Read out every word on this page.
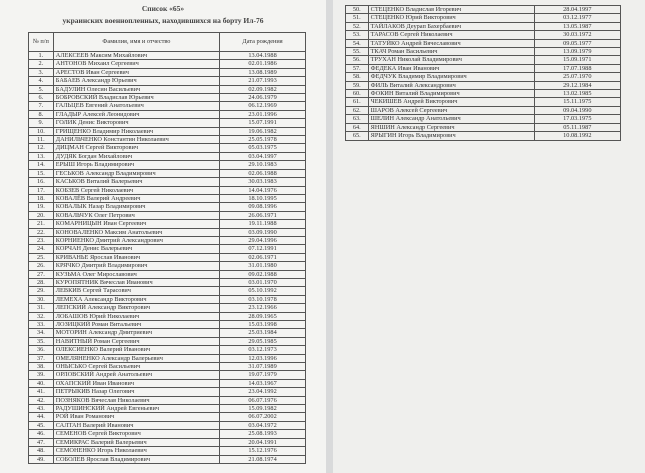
Список «65»
украинских военнопленных, находившихся на борту Ил-76
№ п/п	Фамилия, имя и отчество	Дата рождения
1.	АЛЕКСЕЕВ Максим Михайлович	13.04.1988
2.	АНТОНОВ Михаил Сергеевич	02.01.1986
3.	АРЕСТОВ Иван Сергеевич	13.08.1989
4.	БАБАЕВ Александр Юрьевич	21.07.1993
5.	БАДУЛИН Олесин Васильевич	02.09.1982
6.	БОБРОВСКИЙ Владислав Юрьевич	24.06.1979
7.	ГАЛЬЦЕВ Евгений Анатольевич	06.12.1969
8.	ГЛАДЫР Алексей Леонидович	23.01.1996
9.	ГОЛИК Денис Викторович	15.07.1991
10.	ГРИЩЕНКО Владимир Николаевич	19.06.1982
11.	ДАНИЛЬЧЕНКО Константин Николаевич	25.05.1978
12.	ДИЦМАН Сергей Викторович	05.03.1975
13.	ДУДЯК Богдан Михайлович	03.04.1997
14.	ЕРЫШ Игорь Владимирович	29.10.1983
15.	ГЕСЬКОВ Александр Владимирович	02.06.1988
16.	КАСЬКОВ Виталий Валерьевич	30.03.1983
17.	КОБЗЕВ Сергей Николаевич	14.04.1976
18.	КОВАЛЁВ Валерий Андреевич	18.10.1995
19.	КОВАЛЫК Назар Владимирович	09.08.1996
20.	КОВАЛЬЧУК Олег Петрович	26.06.1971
21.	КОМАРНИЦЫН Иван Сергеевич	19.11.1988
22.	КОНОВАЛЕНКО Максим Анатольевич	03.09.1990
23.	КОРНИЕНКО Дмитрий Александрович	29.04.1996
24.	КОРЧАН Денис Валерьевич	07.12.1991
25.	КРИВАНЬЕ Ярослав Иванович	02.06.1971
26.	КРЯЧКО Дмитрий Владимирович	31.01.1980
27.	КУЗЬМА Олег Мирославович	09.02.1988
28.	КУРОПЯТНИК Вячеслав Иванович	03.01.1970
29.	ЛЕВКИВ Сергей Тарасович	05.10.1992
30.	ЛЕМЕХА Александр Викторович	03.10.1978
31.	ЛЕПСКИЙ Александр Викторович	23.12.1966
32.	ЛОБАШОВ Юрий Николаевич	28.09.1965
33.	ЛОЗИЦКИЙ Роман Витальевич	15.03.1998
34.	МОТОРИН Александр Дмитриевич	25.03.1984
35.	НАВИТНЫЙ Роман Сергеевич	29.05.1985
36.	ОЛЕКСИЕНКО Валерий Иванович	03.12.1973
37.	ОМЕЛЯНЕНКО Александр Валерьевич	12.03.1996
38.	ОНЫСЬКО Сергей Васильевич	31.07.1989
39.	ОРЛОВСКИЙ Андрей Анатольевич	19.07.1979
40.	ОХАПСКИЙ Иван Иванович	14.03.1967
41.	ПЕТРЫКИВ Назар Олегович	23.04.1992
42.	ПОЗНЯКОВ Вячеслав Николаевич	06.07.1976
43.	РАДУШИНСКИЙ Андрей Евгеньевич	15.09.1982
44.	РОЙ Иван Романович	06.07.2002
45.	САЛТАН Валерий Иванович	03.04.1972
46.	СЕМЕНОВ Сергей Викторович	25.08.1993
47.	СЕМИКРАС Валерий Валерьевич	20.04.1991
48.	СЕМОНЕНКО Игорь Николаевич	15.12.1976
49.	СОБОЛЕВ Ярослав Владимирович	21.08.1974
50.	СТЕЦЕНКО Владислав Игоревич	28.04.1997
51.	СТЕЦЕНКО Юрий Викторович	03.12.1977
52.	ТАЙЛАКОВ Деурап Бахербаевич	13.05.1987
53.	ТАРАСОВ Сергей Николаевич	30.03.1972
54.	ТАТУЙКО Андрей Вячеславович	09.05.1977
55.	ТКАЧ Роман Васильевич	13.09.1979
56.	ТРУХАН Николай Владимирович	15.09.1971
57.	ФЕДЕКА Иван Иванович	17.07.1988
58.	ФЕДЧУК Владимир Владимирович	25.07.1970
59.	ФИЛЬ Виталий Александрович	29.12.1984
60.	ФОКИН Виталий Владимирович	13.02.1985
61.	ЧЕКИШЕВ Андрей Викторович	15.11.1975
62.	ШАРОВ Алексей Сергеевич	09.04.1990
63.	ШЕЛИН Александр Анатольевич	17.03.1975
64.	ЯНШИН Александр Сергеевич	05.11.1987
65.	ЯРЫГИН Игорь Владимирович	10.08.1992
